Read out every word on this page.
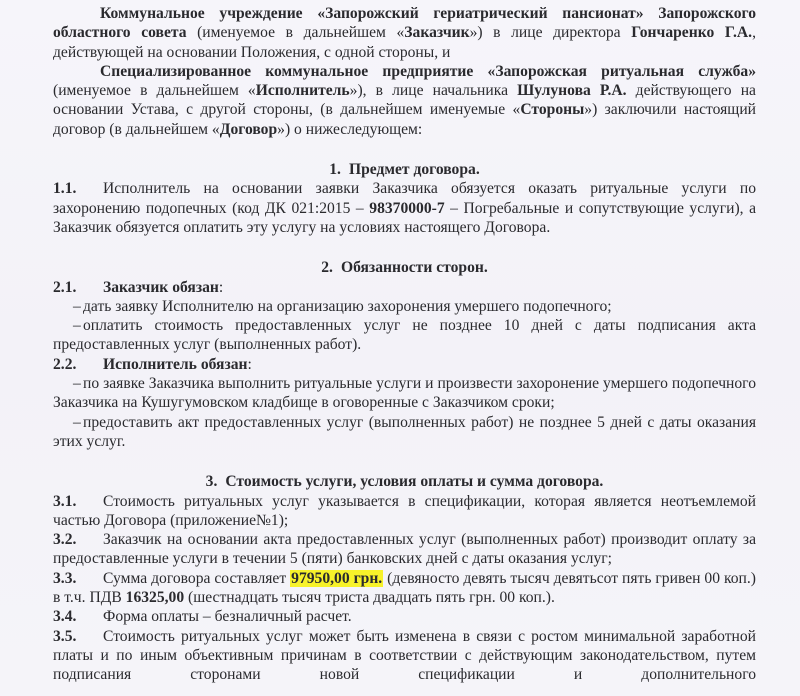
Коммунальное учреждение «Запорожский гериатрический пансионат» Запорожского областного совета (именуемое в дальнейшем «Заказчик») в лице директора Гончаренко Г.А., действующей на основании Положения, с одной стороны, и

Специализированное коммунальное предприятие «Запорожская ритуальная служба» (именуемое в дальнейшем «Исполнитель»), в лице начальника Шулунова Р.А. действующего на основании Устава, с другой стороны, (в дальнейшем именуемые «Стороны») заключили настоящий договор (в дальнейшем «Договор») о нижеследующем:

1. Предмет договора.

1.1. Исполнитель на основании заявки Заказчика обязуется оказать ритуальные услуги по захоронению подопечных (код ДК 021:2015 – 98370000-7 – Погребальные и сопутствующие услуги), а Заказчик обязуется оплатить эту услугу на условиях настоящего Договора.

2. Обязанности сторон.

2.1. Заказчик обязан:

– дать заявку Исполнителю на организацию захоронения умершего подопечного;

– оплатить стоимость предоставленных услуг не позднее 10 дней с даты подписания акта предоставленных услуг (выполненных работ).

2.2. Исполнитель обязан:

– по заявке Заказчика выполнить ритуальные услуги и произвести захоронение умершего подопечного Заказчика на Кушугумовском кладбище в оговоренные с Заказчиком сроки;

– предоставить акт предоставленных услуг (выполненных работ) не позднее 5 дней с даты оказания этих услуг.

3. Стоимость услуги, условия оплаты и сумма договора.

3.1. Стоимость ритуальных услуг указывается в спецификации, которая является неотъемлемой частью Договора (приложение№1);

3.2. Заказчик на основании акта предоставленных услуг (выполненных работ) производит оплату за предоставленные услуги в течении 5 (пяти) банковских дней с даты оказания услуг;

3.3. Сумма договора составляет 97950,00 грн. (девяносто девять тысяч девятьсот пять гривен 00 коп.) в т.ч. ПДВ 16325,00 (шестнадцать тысяч триста двадцать пять грн. 00 коп.).

3.4. Форма оплаты – безналичный расчет.

3.5. Стоимость ритуальных услуг может быть изменена в связи с ростом минимальной заработной платы и по иным объективным причинам в соответствии с действующим законодательством, путем подписания сторонами новой спецификации и дополнительного
